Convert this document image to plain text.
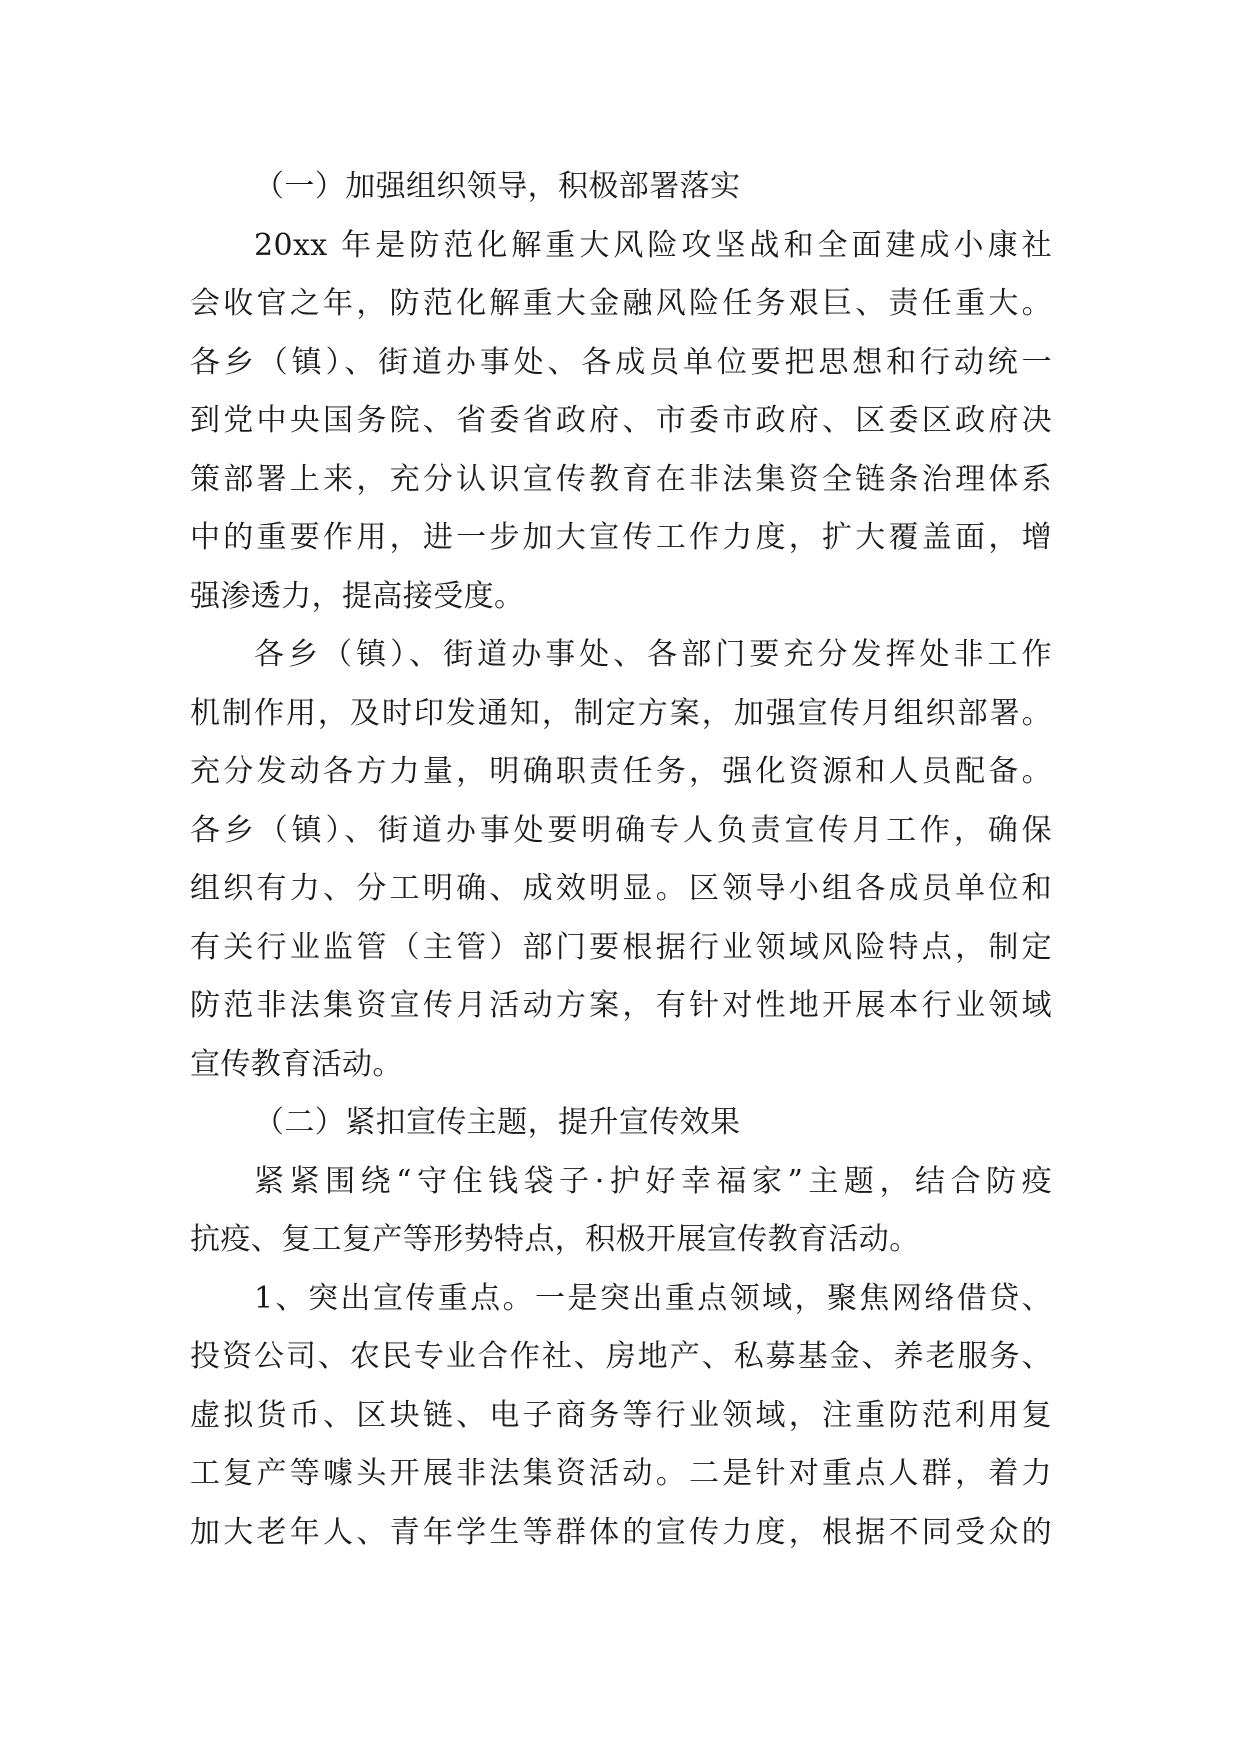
（一）加强组织领导，积极部署落实
20xx 年是防范化解重大风险攻坚战和全面建成小康社
会收官之年，防范化解重大金融风险任务艰巨、责任重大。
各乡（镇）、街道办事处、各成员单位要把思想和行动统一
到党中央国务院、省委省政府、市委市政府、区委区政府决
策部署上来，充分认识宣传教育在非法集资全链条治理体系
中的重要作用，进一步加大宣传工作力度，扩大覆盖面，增
强渗透力，提高接受度。
各乡（镇）、街道办事处、各部门要充分发挥处非工作
机制作用，及时印发通知，制定方案，加强宣传月组织部署。
充分发动各方力量，明确职责任务，强化资源和人员配备。
各乡（镇）、街道办事处要明确专人负责宣传月工作，确保
组织有力、分工明确、成效明显。区领导小组各成员单位和
有关行业监管（主管）部门要根据行业领域风险特点，制定
防范非法集资宣传月活动方案，有针对性地开展本行业领域
宣传教育活动。
（二）紧扣宣传主题，提升宣传效果
紧紧围绕“守住钱袋子·护好幸福家”主题，结合防疫
抗疫、复工复产等形势特点，积极开展宣传教育活动。
1、突出宣传重点。一是突出重点领域，聚焦网络借贷、
投资公司、农民专业合作社、房地产、私募基金、养老服务、
虚拟货币、区块链、电子商务等行业领域，注重防范利用复
工复产等噱头开展非法集资活动。二是针对重点人群，着力
加大老年人、青年学生等群体的宣传力度，根据不同受众的
